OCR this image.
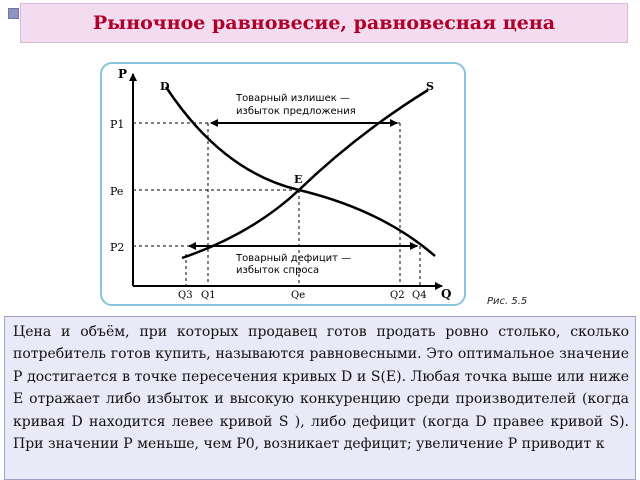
Рыночное равновесие, равновесная цена
P
Q
D	S
E
P1
Pe
P2
Q3 Q1	Qe	Q2 Q4
Товарный излишек —
избыток предложения
Товарный дефицит —
избыток спроса
Рис. 5.5

Цена и объём, при которых продавец готов продать ровно столько, сколько потребитель готов купить, называются равновесными. Это оптимальное значение Р достигается в точке пересечения кривых D и S(E). Любая точка выше или ниже Е отражает либо избыток и высокую конкуренцию среди производителей (когда кривая D находится левее кривой S ), либо дефицит (когда D правее кривой S). При значении Р меньше, чем Р0, возникает дефицит; увеличение Р приводит к
